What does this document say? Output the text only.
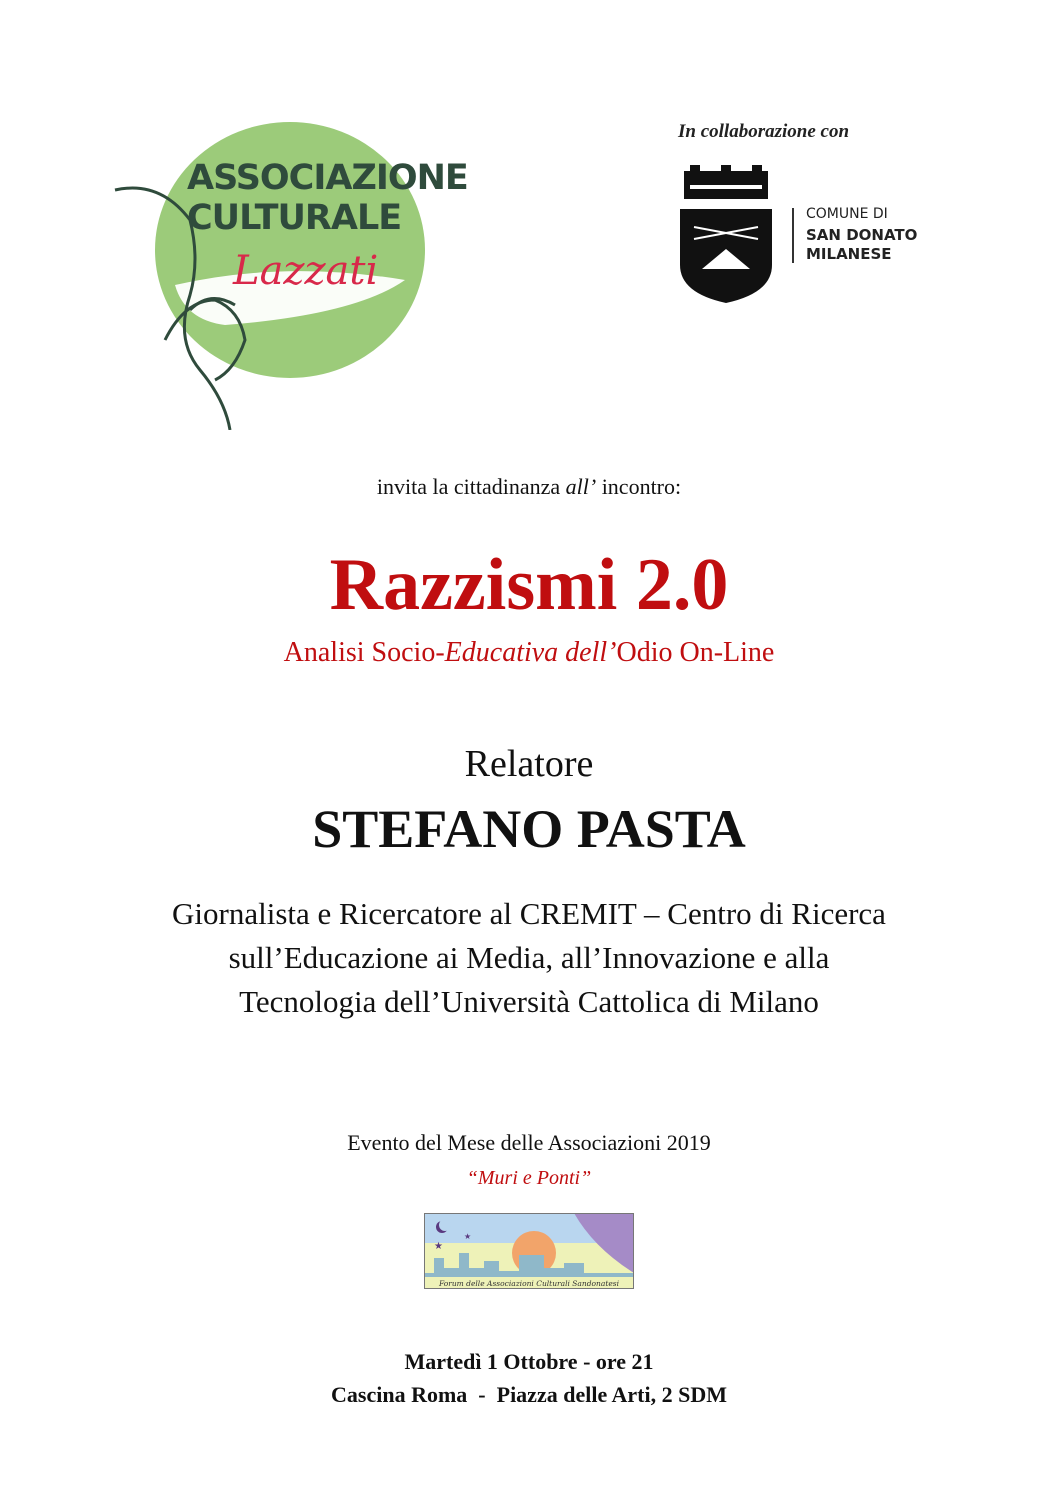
ASSOCIAZIONE
CULTURALE
Lazzati
In collaborazione con
COMUNE DI
SAN DONATO
MILANESE
invita la cittadinanza all’ incontro:
Razzismi 2.0
Analisi Socio-Educativa dell’Odio On-Line
Relatore
STEFANO PASTA
Giornalista e Ricercatore al CREMIT – Centro di Ricerca
sull’Educazione ai Media, all’Innovazione e alla
Tecnologia dell’Università Cattolica di Milano
Evento del Mese delle Associazioni 2019
“Muri e Ponti”
★
★
Forum delle Associazioni Culturali Sandonatesi
Martedì 1 Ottobre - ore 21
Cascina Roma  -  Piazza delle Arti, 2 SDM
